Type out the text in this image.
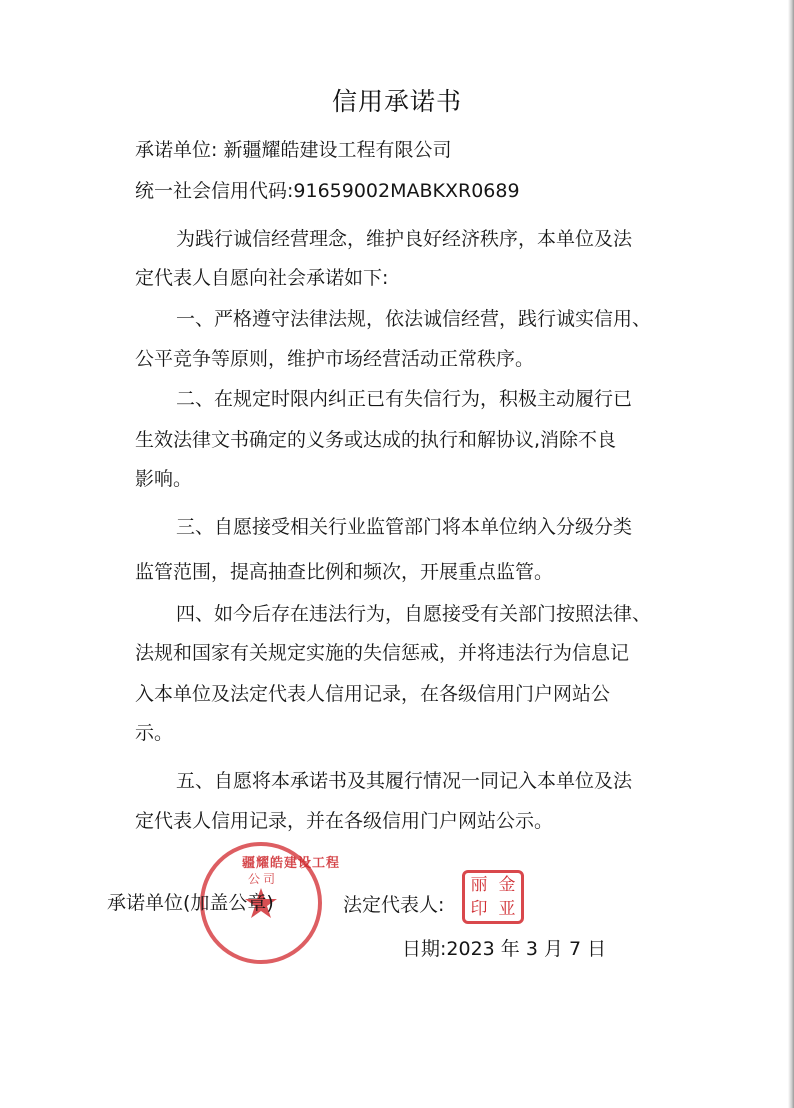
信用承诺书
承诺单位: 新疆耀皓建设工程有限公司
统一社会信用代码:91659002MABKXR0689
为践行诚信经营理念，维护良好经济秩序，本单位及法
定代表人自愿向社会承诺如下:
一、严格遵守法律法规，依法诚信经营，践行诚实信用、
公平竞争等原则，维护市场经营活动正常秩序。
二、在规定时限内纠正已有失信行为，积极主动履行已
生效法律文书确定的义务或达成的执行和解协议,消除不良
影响。
三、自愿接受相关行业监管部门将本单位纳入分级分类
监管范围，提高抽查比例和频次，开展重点监管。
四、如今后存在违法行为，自愿接受有关部门按照法律、
法规和国家有关规定实施的失信惩戒，并将违法行为信息记
入本单位及法定代表人信用记录，在各级信用门户网站公
示。
五、自愿将本承诺书及其履行情况一同记入本单位及法
定代表人信用记录，并在各级信用门户网站公示。
疆耀皓建设工程
公司
承诺单位(加盖公章)	法定代表人:
丽 金
印 亚
日期:2023 年 3 月 7 日
